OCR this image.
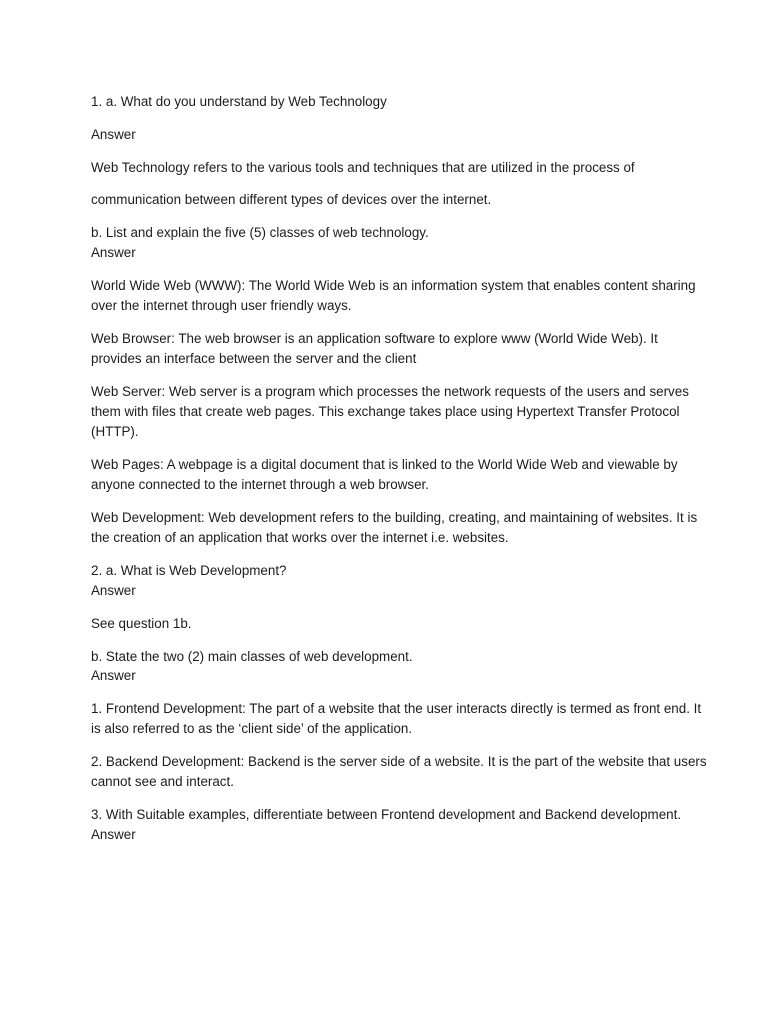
1. a. What do you understand by Web Technology
Answer
Web Technology refers to the various tools and techniques that are utilized in the process of
communication between different types of devices over the internet.
b. List and explain the five (5) classes of web technology.
Answer
World Wide Web (WWW): The World Wide Web is an information system that enables content sharing
over the internet through user friendly ways.
Web Browser: The web browser is an application software to explore www (World Wide Web). It
provides an interface between the server and the client
Web Server: Web server is a program which processes the network requests of the users and serves
them with files that create web pages. This exchange takes place using Hypertext Transfer Protocol
(HTTP).
Web Pages: A webpage is a digital document that is linked to the World Wide Web and viewable by
anyone connected to the internet through a web browser.
Web Development: Web development refers to the building, creating, and maintaining of websites. It is
the creation of an application that works over the internet i.e. websites.
2. a. What is Web Development?
Answer
See question 1b.
b. State the two (2) main classes of web development.
Answer
1. Frontend Development: The part of a website that the user interacts directly is termed as front end. It
is also referred to as the ‘client side’ of the application.
2. Backend Development: Backend is the server side of a website. It is the part of the website that users
cannot see and interact.
3. With Suitable examples, differentiate between Frontend development and Backend development.
Answer
